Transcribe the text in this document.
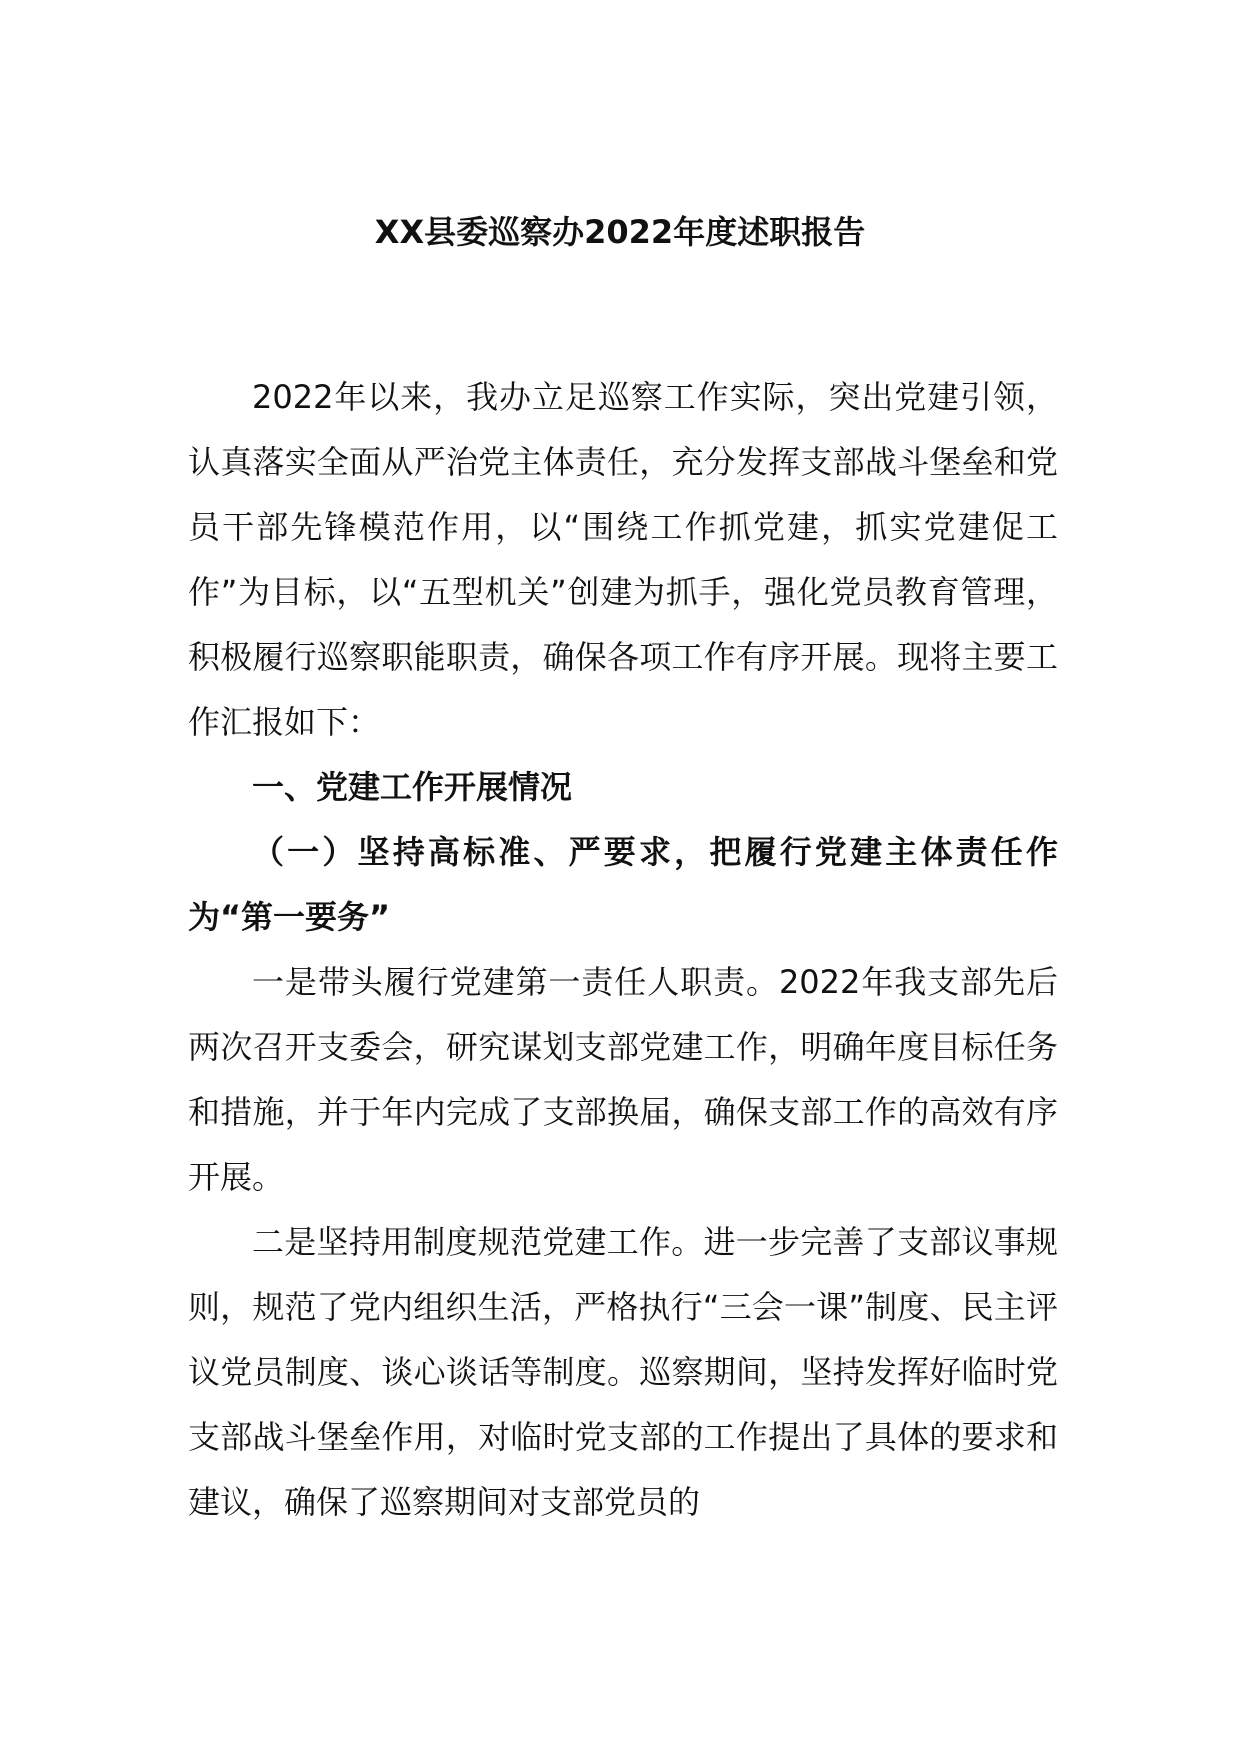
XX县委巡察办2022年度述职报告

2022年以来，我办立足巡察工作实际，突出党建引领，认真落实全面从严治党主体责任，充分发挥支部战斗堡垒和党员干部先锋模范作用，以“围绕工作抓党建，抓实党建促工作”为目标，以“五型机关”创建为抓手，强化党员教育管理，积极履行巡察职能职责，确保各项工作有序开展。现将主要工作汇报如下：

一、党建工作开展情况

（一）坚持高标准、严要求，把履行党建主体责任作为“第一要务”

一是带头履行党建第一责任人职责。2022年我支部先后两次召开支委会，研究谋划支部党建工作，明确年度目标任务和措施，并于年内完成了支部换届，确保支部工作的高效有序开展。

二是坚持用制度规范党建工作。进一步完善了支部议事规则，规范了党内组织生活，严格执行“三会一课”制度、民主评议党员制度、谈心谈话等制度。巡察期间，坚持发挥好临时党支部战斗堡垒作用，对临时党支部的工作提出了具体的要求和建议，确保了巡察期间对支部党员的
